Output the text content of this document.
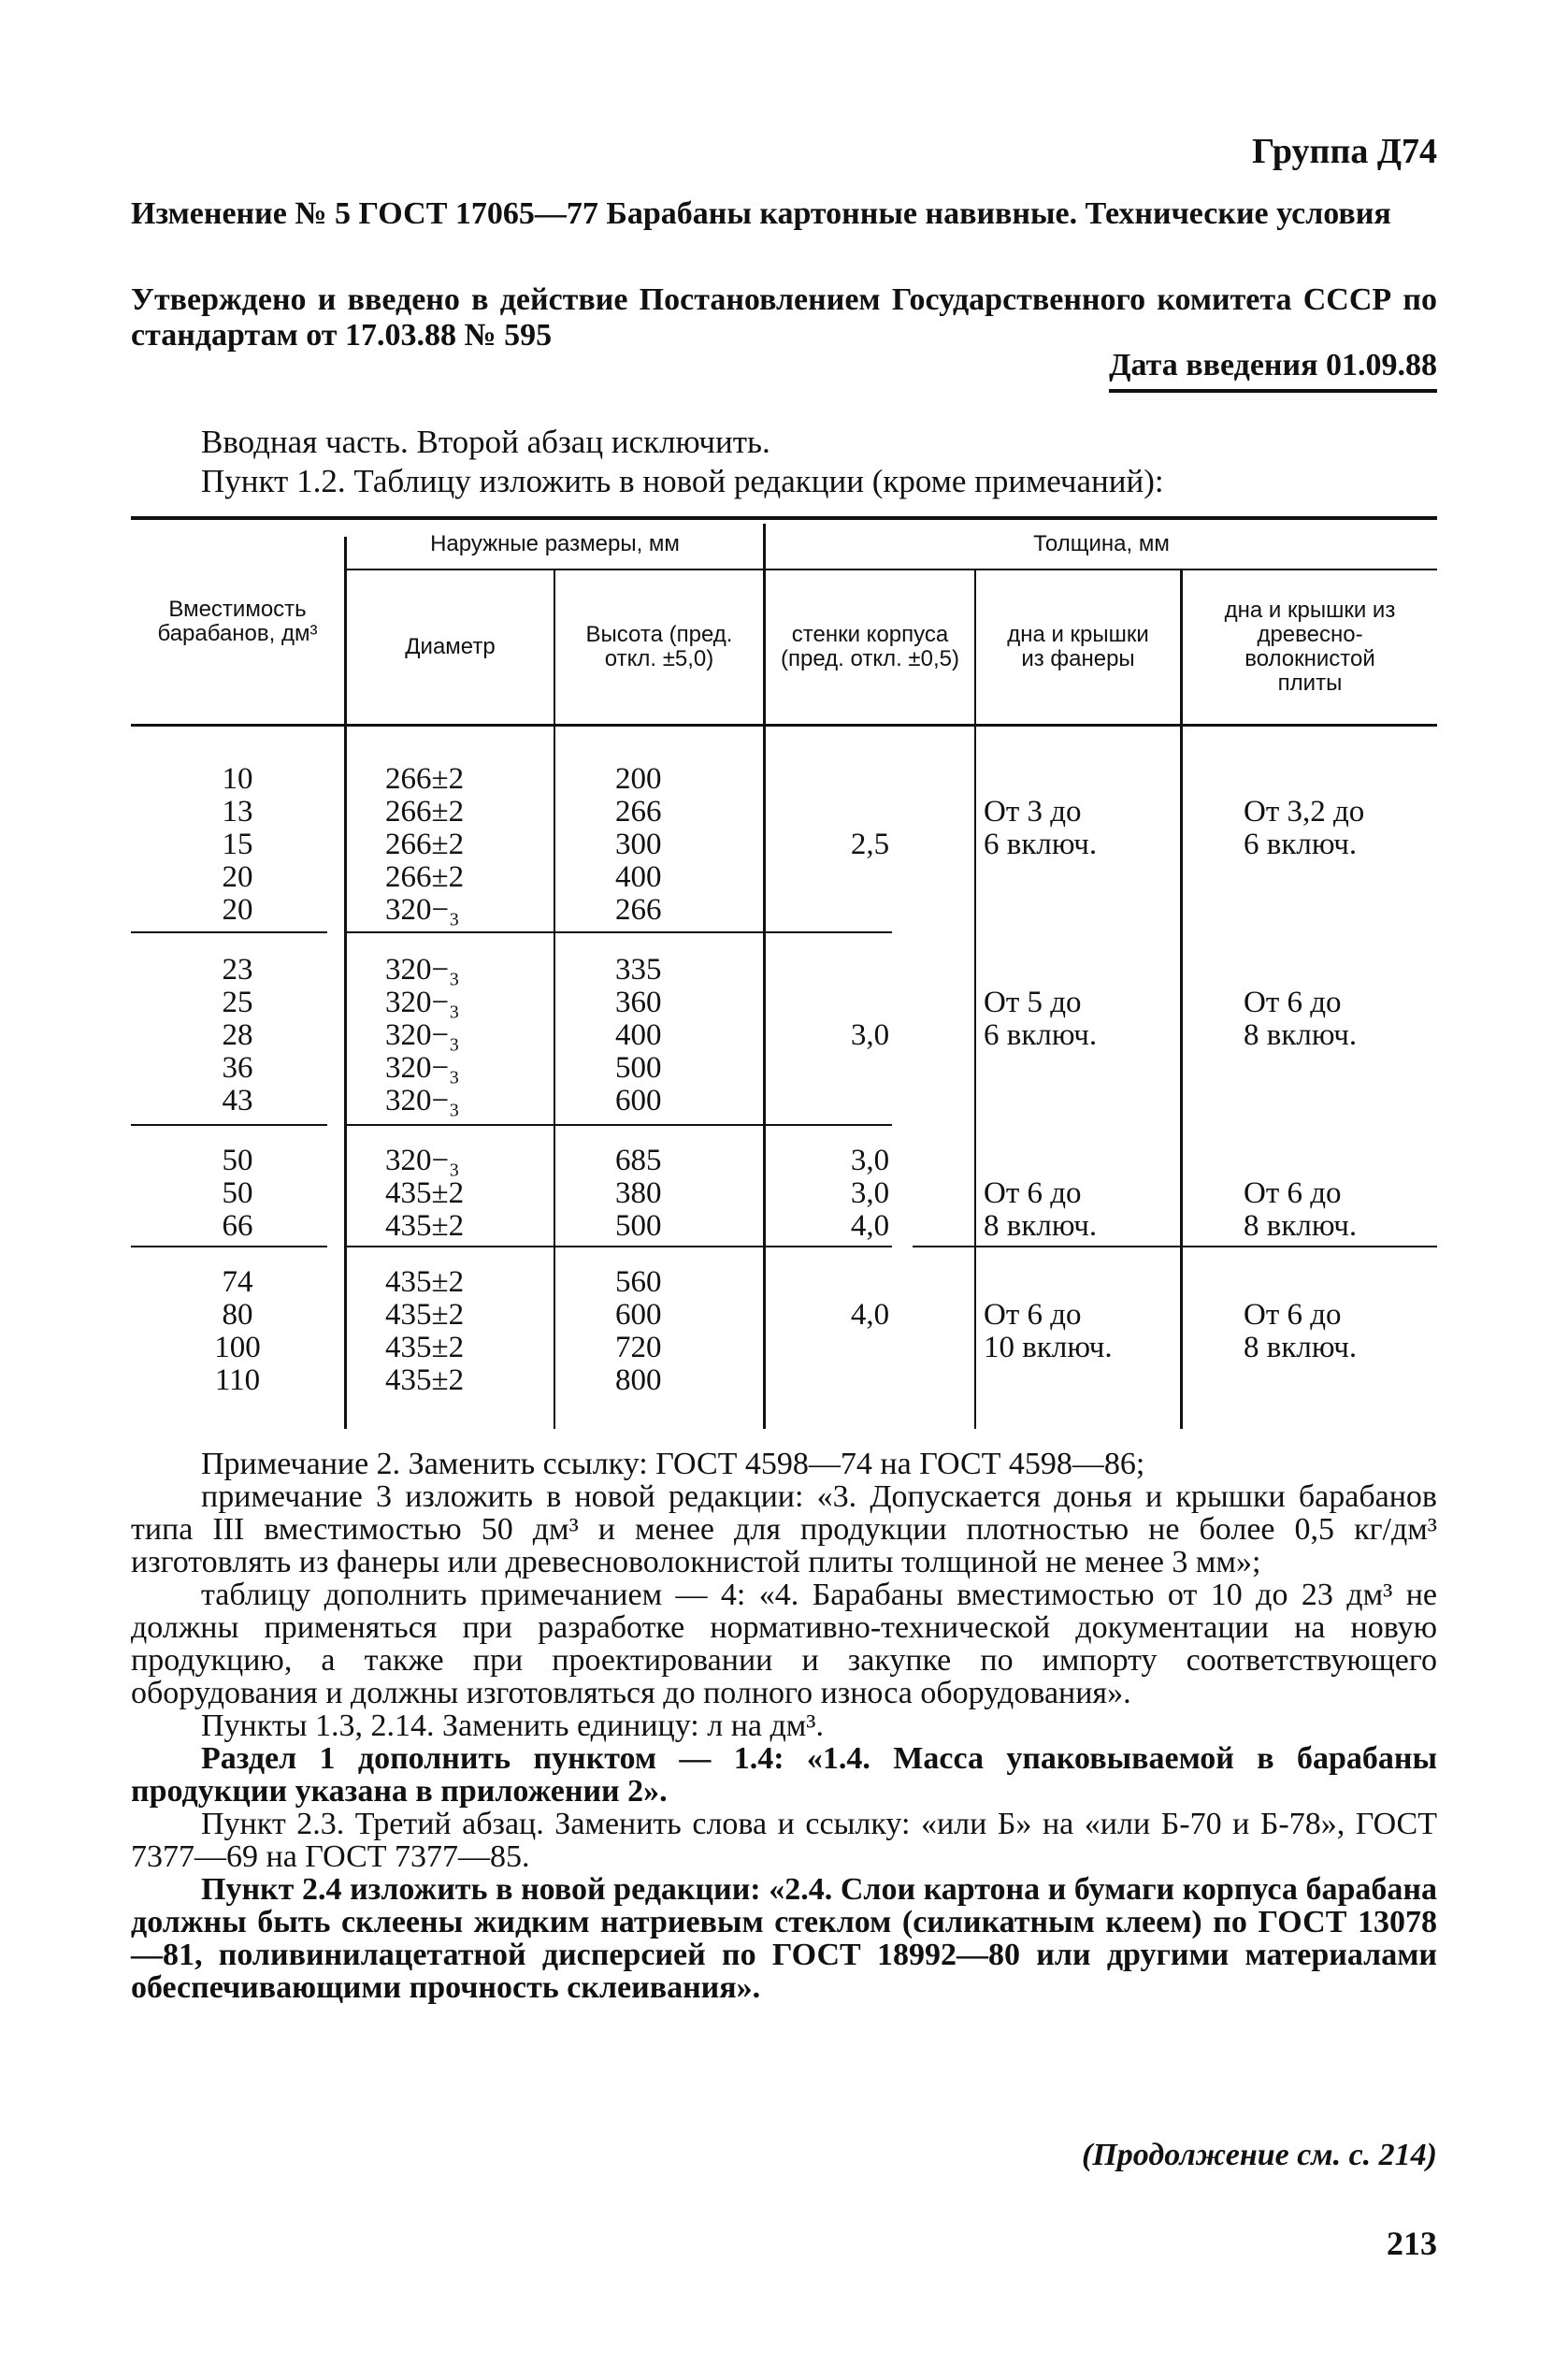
Группа Д74
Изменение № 5 ГОСТ 17065—77 Барабаны картонные навивные. Технические условия
Утверждено и введено в действие Постановлением Государственного комитета СССР по стандартам от 17.03.88 № 595
Дата введения 01.09.88
Вводная часть. Второй абзац исключить.
Пункт 1.2. Таблицу изложить в новой редакции (кроме примечаний):
Вместимость барабанов, дм³
Наружные размеры, мм
Диаметр	Высота (пред. откл. ±5,0)
Толщина, мм
стенки корпуса (пред. откл. ±0,5)
дна и крышки из фанеры
дна и крышки из древесно-волокнистой плиты
10
13
15
20
20
266±2
266±2
266±2
266±2
320−₃
200
266
300
400
266

2,5

От 3 до
6 включ.

От 3,2 до
6 включ.

23
25
28
36
43
320−₃
320−₃
320−₃
320−₃
320−₃
335
360
400
500
600

3,0

От 5 до
6 включ.

От 6 до
8 включ.

50
50
66
320−₃
435±2
435±2
685
380
500
3,0
3,0
4,0

От 6 до
8 включ.

От 6 до
8 включ.
74
80
100
110
435±2
435±2
435±2
435±2
560
600
720
800

4,0

	От 6 до
10 включ.

От 6 до
8 включ.

Примечание 2. Заменить ссылку: ГОСТ 4598—74 на ГОСТ 4598—86;

примечание 3 изложить в новой редакции: «3. Допускается донья и крышки барабанов типа III вместимостью 50 дм³ и менее для продукции плотностью не более 0,5 кг/дм³ изготовлять из фанеры или древесноволокнистой плиты толщиной не менее 3 мм»;

таблицу дополнить примечанием — 4: «4. Барабаны вместимостью от 10 до 23 дм³ не должны применяться при разработке нормативно-технической документации на новую продукцию, а также при проектировании и закупке по импорту соответствующего оборудования и должны изготовляться до полного износа оборудования».

Пункты 1.3, 2.14. Заменить единицу: л на дм³.

Раздел 1 дополнить пунктом — 1.4: «1.4. Масса упаковываемой в барабаны продукции указана в приложении 2».

Пункт 2.3. Третий абзац. Заменить слова и ссылку: «или Б» на «или Б-70 и Б-78», ГОСТ 7377—69 на ГОСТ 7377—85.

Пункт 2.4 изложить в новой редакции: «2.4. Слои картона и бумаги корпуса барабана должны быть склеены жидким натриевым стеклом (силикатным клеем) по ГОСТ 13078—81, поливинилацетатной дисперсией по ГОСТ 18992—80 или другими материалами обеспечивающими прочность склеивания».

(Продолжение см. с. 214)
213
